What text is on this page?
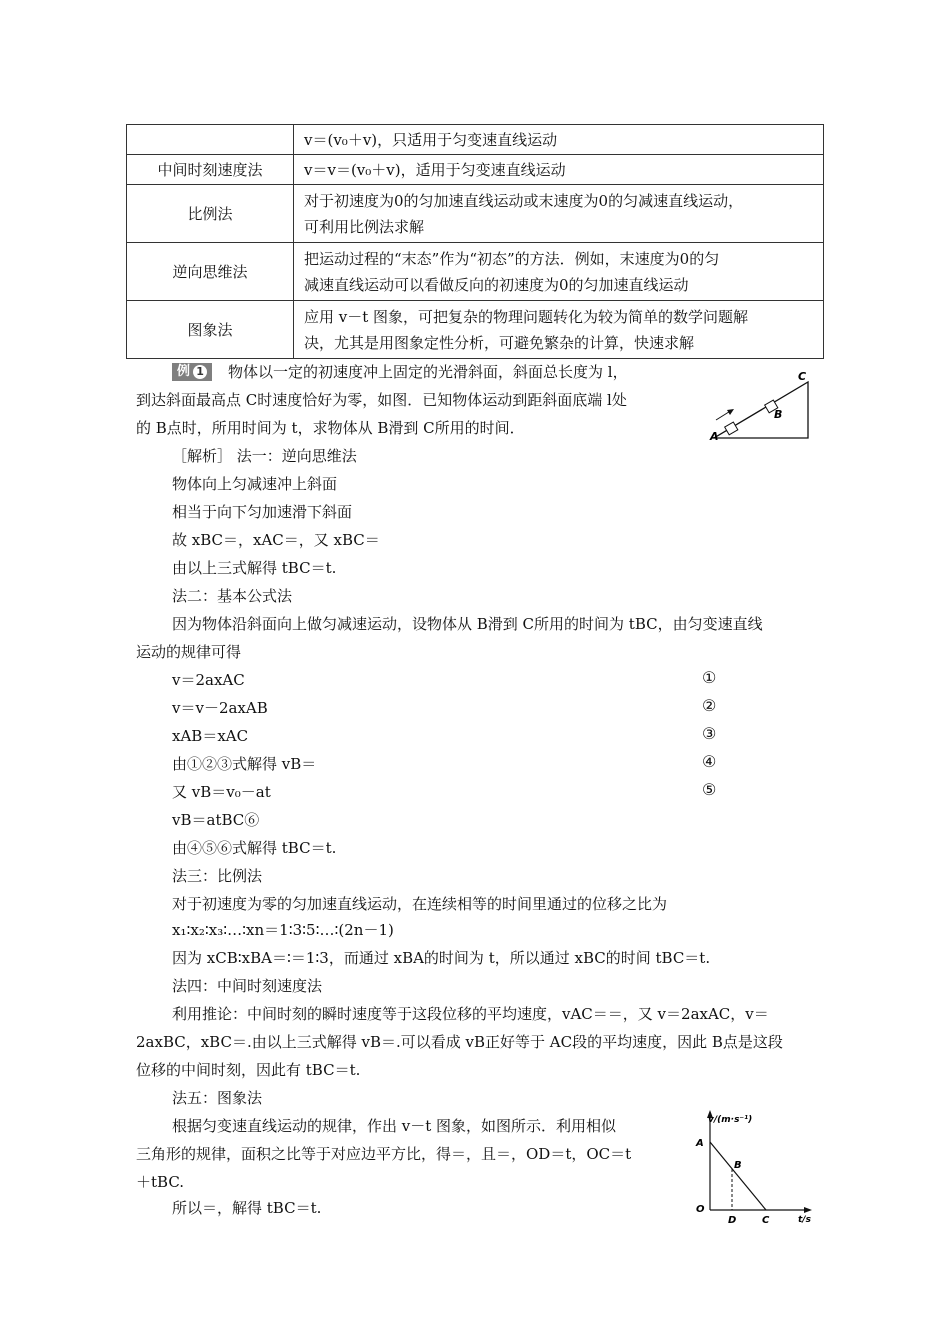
	v＝(v₀＋v)，只适用于匀变速直线运动

中间时刻速度法	v＝v＝(v₀＋v)，适用于匀变速直线运动

比例法	对于初速度为0的匀加速直线运动或末速度为0的匀减速直线运动，
可利用比例法求解

逆向思维法	把运动过程的“末态”作为“初态”的方法．例如，末速度为0的匀
减速直线运动可以看做反向的初速度为0的匀加速直线运动

图象法	应用 v－t 图象，可把复杂的物理问题转化为较为简单的数学问题解
决，尤其是用图象定性分析，可避免繁杂的计算，快速求解
例 1	物体以一定的初速度冲上固定的光滑斜面，斜面总长度为 l，
到达斜面最高点 C时速度恰好为零，如图．已知物体运动到距斜面底端 l处
的 B点时，所用时间为 t，求物体从 B滑到 C所用的时间．	A
B
C
［解析］ 法一：逆向思维法
物体向上匀减速冲上斜面
相当于向下匀加速滑下斜面
故 xBC＝，xAC＝，又 xBC＝
由以上三式解得 tBC＝t.
法二：基本公式法
因为物体沿斜面向上做匀减速运动，设物体从 B滑到 C所用的时间为 tBC，由匀变速直线
运动的规律可得
v＝2axAC	①
v＝v－2axAB	②
xAB＝xAC	③
由①②③式解得 vB＝	④
又 vB＝v₀－at	⑤
vB＝atBC⑥
由④⑤⑥式解得 tBC＝t.
法三：比例法
对于初速度为零的匀加速直线运动，在连续相等的时间里通过的位移之比为
x₁∶x₂∶x₃∶…∶xn＝1∶3∶5∶…∶(2n－1)
因为 xCB∶xBA＝∶＝1∶3，而通过 xBA的时间为 t，所以通过 xBC的时间 tBC＝t.
法四：中间时刻速度法
利用推论：中间时刻的瞬时速度等于这段位移的平均速度，vAC＝＝，又 v＝2axAC，v＝
2axBC，xBC＝.由以上三式解得 vB＝.可以看成 vB正好等于 AC段的平均速度，因此 B点是这段
位移的中间时刻，因此有 tBC＝t.
法五：图象法
根据匀变速直线运动的规律，作出 v－t 图象，如图所示．利用相似
三角形的规律，面积之比等于对应边平方比，得＝，且＝，OD＝t，OC＝t
＋tBC.
所以＝，解得 tBC＝t.
v/(m·s⁻¹)
t/s
A
B
O
D	C
